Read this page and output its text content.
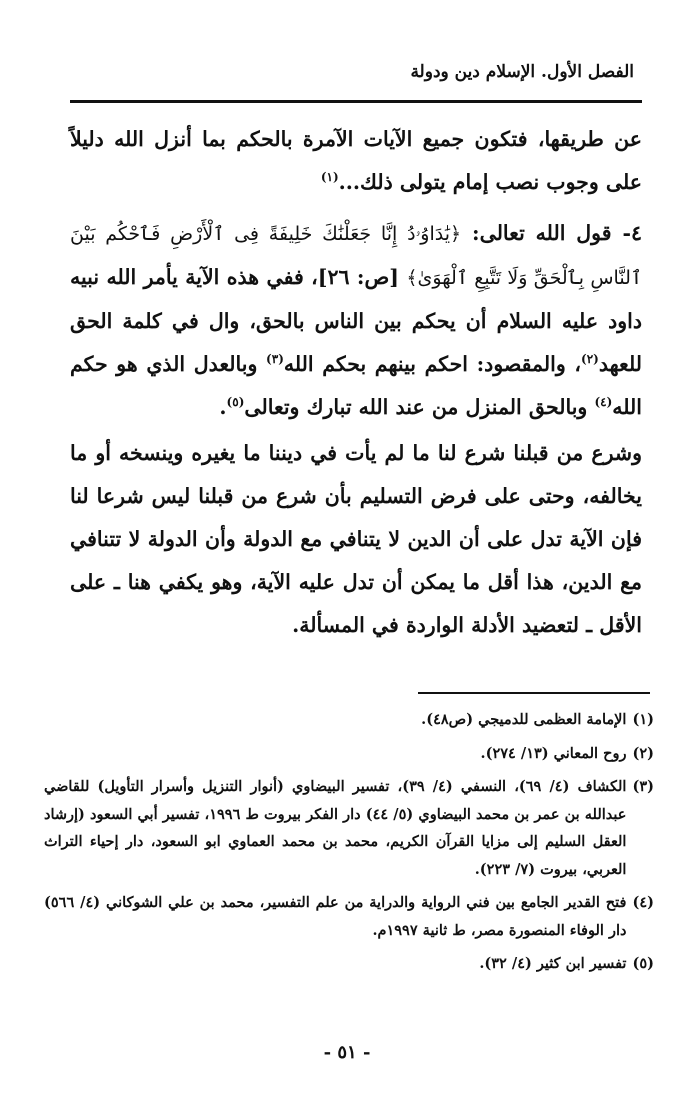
الفصل الأول. الإسلام دين ودولة

عن طريقها، فتكون جميع الآيات الآمرة بالحكم بما أنزل الله دليلاً على وجوب نصب إمام يتولى ذلك...$^{(١)}$

٤- قول الله تعالى: ﴿يَٰدَاوُۥدُ إِنَّا جَعَلْنَٰكَ خَلِيفَةً فِى ٱلْأَرْضِ فَٱحْكُم بَيْنَ ٱلنَّاسِ بِٱلْحَقِّ وَلَا تَتَّبِعِ ٱلْهَوَىٰ﴾ [ص: ٢٦]، ففي هذه الآية يأمر الله نبيه داود عليه السلام أن يحكم بين الناس بالحق، وال في كلمة الحق للعهد$^{(٢)}$، والمقصود: احكم بينهم بحكم الله$^{(٣)}$ وبالعدل الذي هو حكم الله$^{(٤)}$ وبالحق المنزل من عند الله تبارك وتعالى$^{(٥)}$.

وشرع من قبلنا شرع لنا ما لم يأت في ديننا ما يغيره وينسخه أو ما يخالفه، وحتى على فرض التسليم بأن شرع من قبلنا ليس شرعا لنا فإن الآية تدل على أن الدين لا يتنافي مع الدولة وأن الدولة لا تتنافي مع الدين، هذا أقل ما يمكن أن تدل عليه الآية، وهو يكفي هنا ـ على الأقل ـ لتعضيد الأدلة الواردة في المسألة.

(١)
الإمامة العظمى للدميجي (ص٤٨).
(٢)
روح المعاني (١٣/ ٢٧٤).
(٣)
الكشاف (٤/ ٦٩)، النسفي (٤/ ٣٩)، تفسير البيضاوي (أنوار التنزيل وأسرار التأويل) للقاضي عبدالله بن عمر بن محمد البيضاوي (٥/ ٤٤) دار الفكر بيروت ط ١٩٩٦، تفسير أبي السعود (إرشاد العقل السليم إلى مزايا القرآن الكريم، محمد بن محمد العماوي ابو السعود، دار إحياء التراث العربي، بيروت (٧/ ٢٢٣).
(٤)
فتح القدير الجامع بين فني الرواية والدراية من علم التفسير، محمد بن علي الشوكاني (٤/ ٥٦٦) دار الوفاء المنصورة مصر، ط ثانية ١٩٩٧م.
(٥)
تفسير ابن كثير (٤/ ٣٢).
- ٥١ -
